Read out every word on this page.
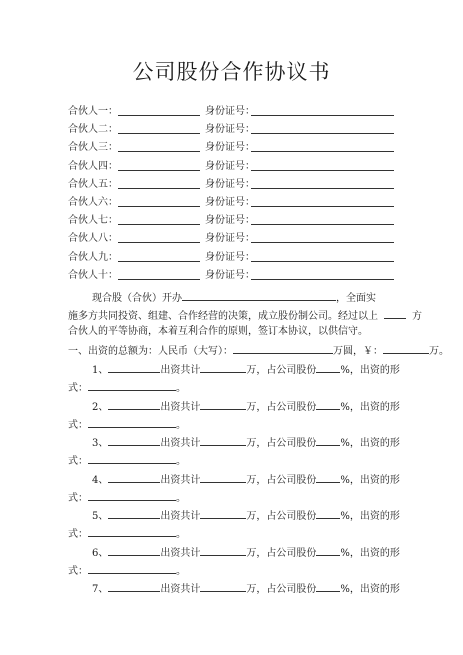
公司股份合作协议书
合伙人一：	身份证号：
合伙人二：	身份证号：
合伙人三：	身份证号：
合伙人四：	身份证号：
合伙人五：	身份证号：
合伙人六：	身份证号：
合伙人七：	身份证号：
合伙人八：	身份证号：
合伙人九：	身份证号：
合伙人十：	身份证号：
现合股（合伙）开办	，全面实
施多方共同投资、组建、合作经营的决策，成立股份制公司。经过以上	方
合伙人的平等协商，本着互利合作的原则，签订本协议，以供信守。
一、出资的总额为：人民币（大写）：	万圆，￥：	万。
1、	出资共计	万，占公司股份 %，出资的形
式：	。
2、	出资共计	万，占公司股份 %，出资的形
式：	。
3、	出资共计	万，占公司股份 %，出资的形
式：	。
4、	出资共计	万，占公司股份 %，出资的形
式：	。
5、	出资共计	万，占公司股份 %，出资的形
式：	。
6、	出资共计	万，占公司股份 %，出资的形
式：	。
7、	出资共计	万，占公司股份 %，出资的形
